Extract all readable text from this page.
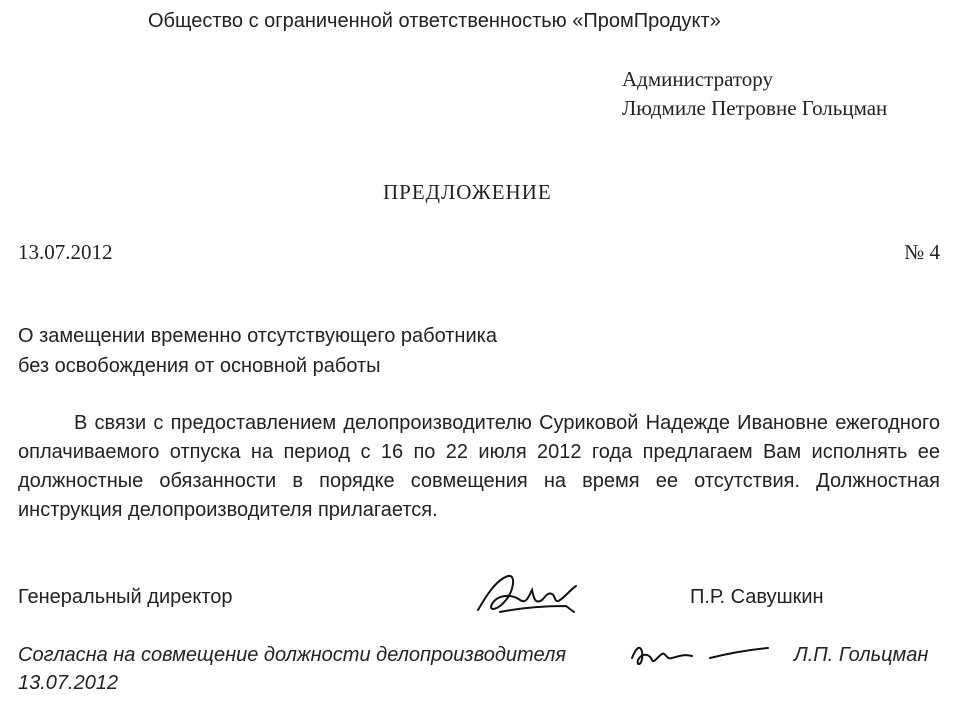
Общество с ограниченной ответственностью «ПромПродукт»
Администратору
Людмиле Петровне Гольцман
ПРЕДЛОЖЕНИЕ
13.07.2012	№ 4
О замещении временно отсутствующего работника
без освобождения от основной работы
В связи с предоставлением делопроизводителю Суриковой Надежде Ивановне ежегодного оплачиваемого отпуска на период с 16 по 22 июля 2012 года предлагаем Вам исполнять ее должностные обязанности в порядке совмещения на время ее отсутствия. Должностная инструкция делопроизводителя прилагается.
Генеральный директор	П.Р. Савушкин
Согласна на совмещение должности делопроизводителя
13.07.2012
Л.П. Гольцман
